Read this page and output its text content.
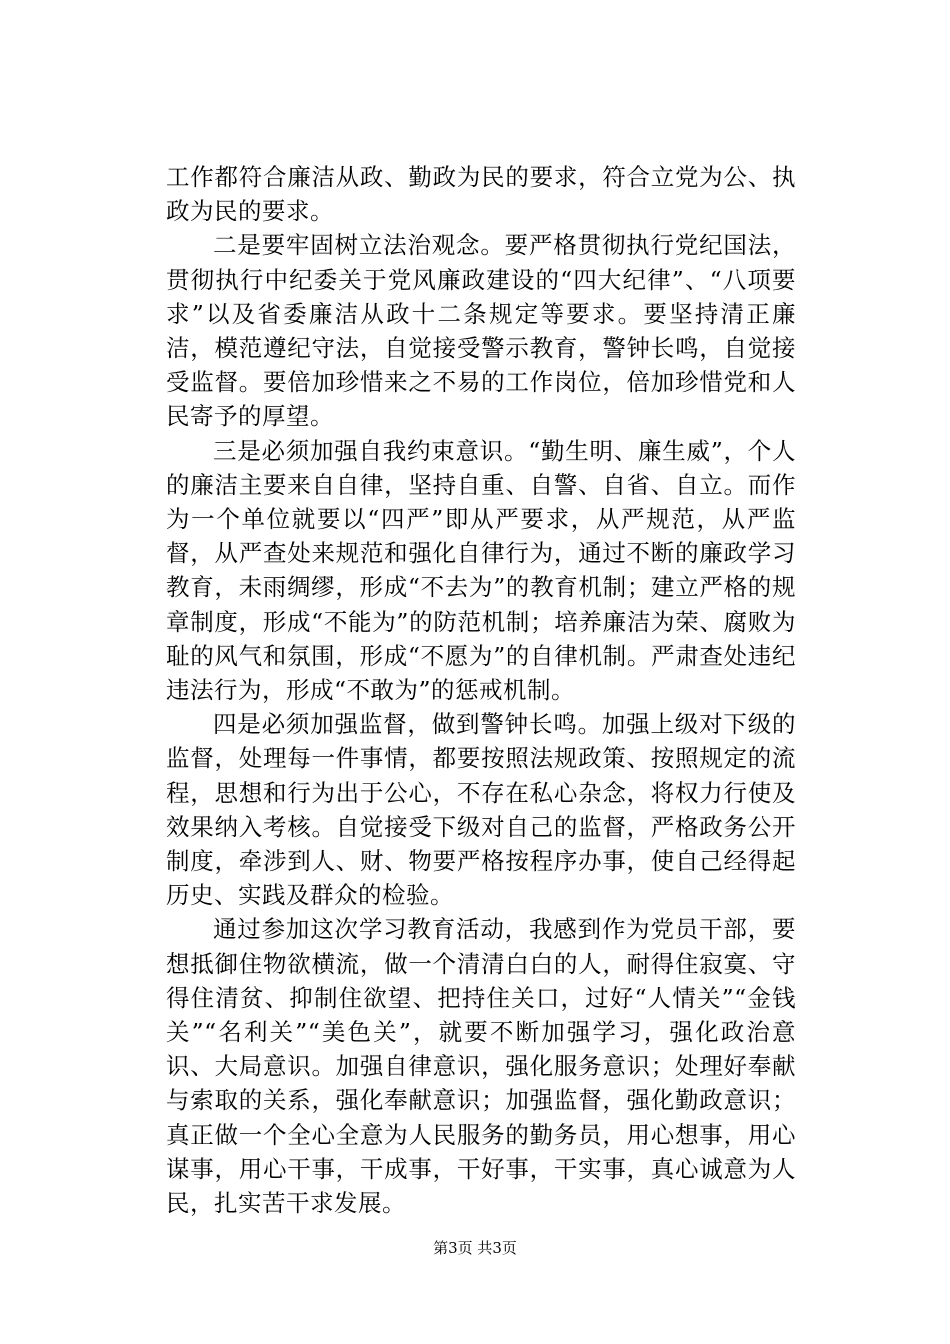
工作都符合廉洁从政、勤政为民的要求，符合立党为公、执政为民的要求。

二是要牢固树立法治观念。要严格贯彻执行党纪国法，贯彻执行中纪委关于党风廉政建设的“四大纪律”、“八项要求”以及省委廉洁从政十二条规定等要求。要坚持清正廉洁，模范遵纪守法，自觉接受警示教育，警钟长鸣，自觉接受监督。要倍加珍惜来之不易的工作岗位，倍加珍惜党和人民寄予的厚望。

三是必须加强自我约束意识。“勤生明、廉生威”，个人的廉洁主要来自自律，坚持自重、自警、自省、自立。而作为一个单位就要以“四严”即从严要求，从严规范，从严监督，从严查处来规范和强化自律行为，通过不断的廉政学习教育，未雨绸缪，形成“不去为”的教育机制；建立严格的规章制度，形成“不能为”的防范机制；培养廉洁为荣、腐败为耻的风气和氛围，形成“不愿为”的自律机制。严肃查处违纪违法行为，形成“不敢为”的惩戒机制。

四是必须加强监督，做到警钟长鸣。加强上级对下级的监督，处理每一件事情，都要按照法规政策、按照规定的流程，思想和行为出于公心，不存在私心杂念，将权力行使及效果纳入考核。自觉接受下级对自己的监督，严格政务公开制度，牵涉到人、财、物要严格按程序办事，使自己经得起历史、实践及群众的检验。

通过参加这次学习教育活动，我感到作为党员干部，要想抵御住物欲横流，做一个清清白白的人，耐得住寂寞、守得住清贫、抑制住欲望、把持住关口，过好“人情关”“金钱关”“名利关”“美色关”，就要不断加强学习，强化政治意识、大局意识。加强自律意识，强化服务意识；处理好奉献与索取的关系，强化奉献意识；加强监督，强化勤政意识；真正做一个全心全意为人民服务的勤务员，用心想事，用心谋事，用心干事，干成事，干好事，干实事，真心诚意为人民，扎实苦干求发展。

第3页 共3页
